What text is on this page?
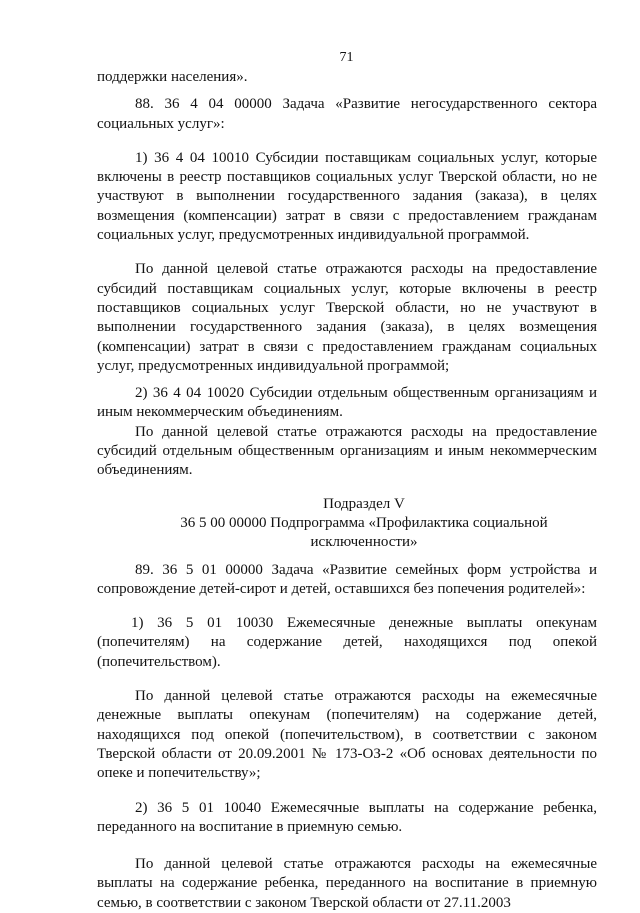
71

поддержки населения».

88. 36 4 04 00000 Задача «Развитие негосударственного сектора социальных услуг»:

1) 36 4 04 10010 Субсидии поставщикам социальных услуг, которые включены в реестр поставщиков социальных услуг Тверской области, но не участвуют в выполнении государственного задания (заказа), в целях возмещения (компенсации) затрат в связи с предоставлением гражданам социальных услуг, предусмотренных индивидуальной программой.

По данной целевой статье отражаются расходы на предоставление субсидий поставщикам социальных услуг, которые включены в реестр поставщиков социальных услуг Тверской области, но не участвуют в выполнении государственного задания (заказа), в целях возмещения (компенсации) затрат в связи с предоставлением гражданам социальных услуг, предусмотренных индивидуальной программой;

2) 36 4 04 10020 Субсидии отдельным общественным организациям и иным некоммерческим объединениям.

По данной целевой статье отражаются расходы на предоставление субсидий отдельным общественным организациям и иным некоммерческим объединениям.

Подраздел V

36 5 00 00000 Подпрограмма «Профилактика социальной

исключенности»

89. 36 5 01 00000 Задача «Развитие семейных форм устройства и сопровождение детей-сирот и детей, оставшихся без попечения родителей»:

1) 36 5 01 10030 Ежемесячные денежные выплаты опекунам (попечителям) на содержание детей, находящихся под опекой (попечительством).

По данной целевой статье отражаются расходы на ежемесячные денежные выплаты опекунам (попечителям) на содержание детей, находящихся под опекой (попечительством), в соответствии с законом Тверской области от 20.09.2001 № 173-ОЗ-2 «Об основах деятельности по опеке и попечительству»;

2) 36 5 01 10040 Ежемесячные выплаты на содержание ребенка, переданного на воспитание в приемную семью.

По данной целевой статье отражаются расходы на ежемесячные выплаты на содержание ребенка, переданного на воспитание в приемную семью, в соответствии с законом Тверской области от 27.11.2003
